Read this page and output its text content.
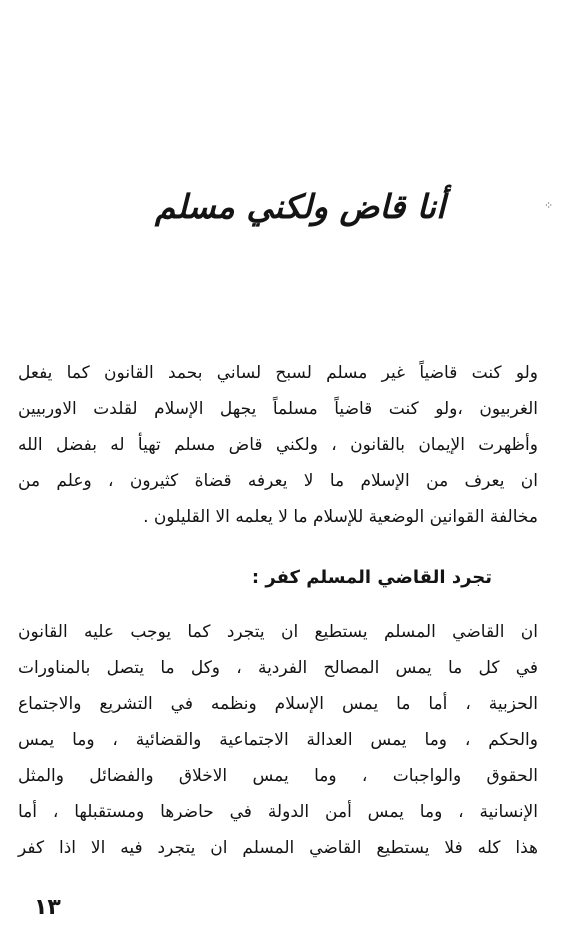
⁘
أنا قاض ولكني مسلم
ولو كنت قاضياً غير مسلم لسبح لساني بحمد القانون كما يفعل
الغربيون ،ولو كنت قاضياً مسلماً يجهل الإسلام لقلدت الاوربيين
وأظهرت الإيمان بالقانون ، ولكني قاض مسلم تهيأ له بفضل الله
ان يعرف من الإسلام ما لا يعرفه قضاة كثيرون ، وعلم من
مخالفة القوانين الوضعية للإسلام ما لا يعلمه الا القليلون .
تجرد القاضي المسلم كفر :
ان القاضي المسلم يستطيع ان يتجرد كما يوجب عليه القانون
في كل ما يمس المصالح الفردية ، وكل ما يتصل بالمناورات
الحزبية ، أما ما يمس الإسلام ونظمه في التشريع والاجتماع
والحكم ، وما يمس العدالة الاجتماعية والقضائية ، وما يمس
الحقوق والواجبات ، وما يمس الاخلاق والفضائل والمثل
الإنسانية ، وما يمس أمن الدولة في حاضرها ومستقبلها ، أما
هذا كله فلا يستطيع القاضي المسلم ان يتجرد فيه الا اذا كفر
١٣
